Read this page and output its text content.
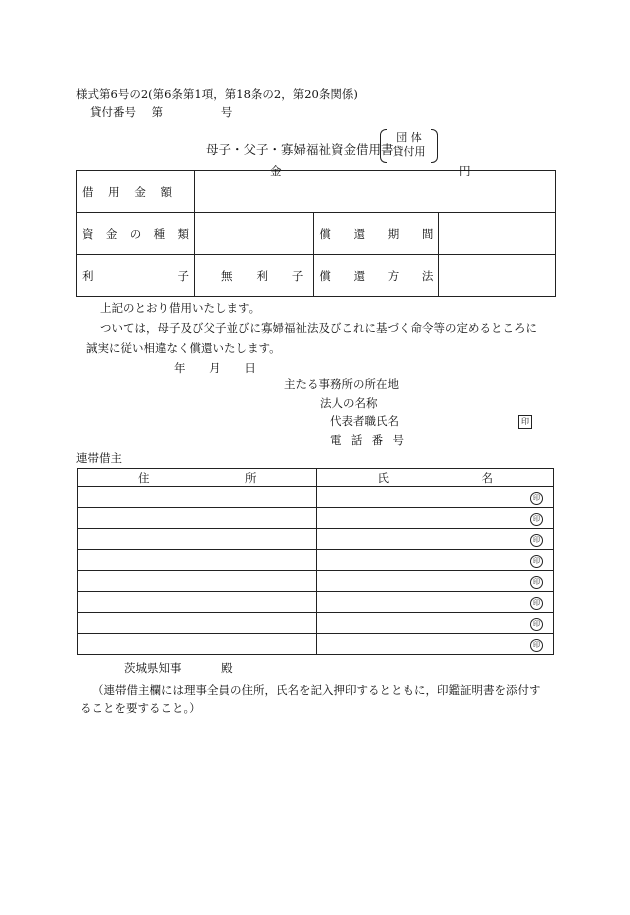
様式第6号の2(第6条第1項，第18条の2，第20条関係)
貸付番号 第	号
母子・父子・寡婦福祉資金借用書
団 体
貸付用
借 用 金 額	金 円		

資 金 の 種 類		償 還 期 間	

利 子	無 利 子	償 還 方 法	

上記のとおり借用いたします。
ついては，母子及び父子並びに寡婦福祉法及びこれに基づく命令等の定めるところに
誠実に従い相違なく償還いたします。
年 月 日
主たる事務所の所在地
法人の名称
代表者職氏名	印
電 話 番 号
連帯借主
住 所	氏 名

	印
	印
	印
	印
	印
	印
	印
	印
茨城県知事	殿
（連帯借主欄には理事全員の住所，氏名を記入押印するとともに，印鑑証明書を添付す
ることを要すること。）
